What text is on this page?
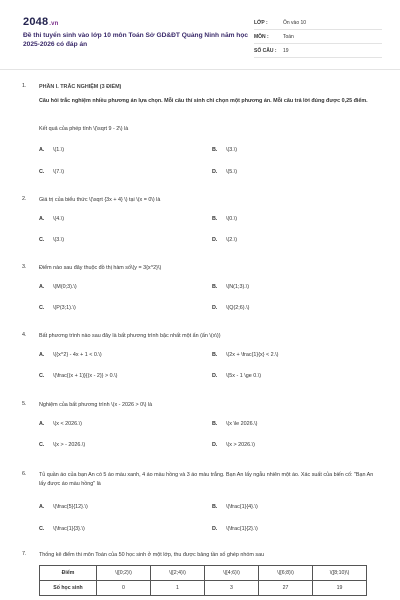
2048.vn
Đề thi tuyển sinh vào lớp 10 môn Toán Sở GD&ĐT Quảng Ninh năm học 2025-2026 có đáp án
LỚP :	Ôn vào 10
MÔN :	Toán
SỐ CÂU :	19
1. PHẦN I. TRẮC NGHIỆM (3 ĐIỂM)
Câu hỏi trắc nghiệm nhiều phương án lựa chọn. Mỗi câu thí sinh chỉ chọn một phương án. Mỗi câu trả lời đúng được 0,25 điểm.
Kết quả của phép tính \(\sqrt 9 - 2\) là
A. \(1.\)	B. \(3.\)
C. \(7.\)	D. \(5.\)
2. Giá trị của biểu thức \(\sqrt {3x + 4} \) tại \(x = 0\) là
A. \(4.\)	B. \(0.\)
C. \(3.\)	D. \(2.\)
3. Điểm nào sau đây thuộc đồ thị hàm số\(y = 3{x^2}\)
A. \(M(0;3).\)	B. \(N(1;3).\)
C. \(P(3;1).\)	D. \(Q(2;6).\)
4. Bất phương trình nào sau đây là bất phương trình bậc nhất một ẩn (ẩn \(x\))
A. \({x^2} - 4x + 1 < 0.\)	B. \(2x + \frac{1}{x} < 2.\)
C. \(\frac{(x + 1)}{(x - 2)} > 0.\)	D. \(5x - 1 \ge 0.\)
5. Nghiệm của bất phương trình \(x - 2026 > 0\) là
A. \(x < 2026.\)	B. \(x \le 2026.\)
C. \(x > - 2026.\)	D. \(x > 2026.\)
6. Tủ quần áo của bạn An có 5 áo màu xanh, 4 áo màu hồng và 3 áo màu trắng. Bạn An lấy ngẫu nhiên một áo. Xác suất của biến cố: "Bạn An lấy được áo màu hồng" là
A. \(\frac{5}{12}.\)	B. \(\frac{1}{4}.\)
C. \(\frac{1}{3}.\)	D. \(\frac{1}{2}.\)
7. Thống kê điểm thi môn Toán của 50 học sinh ở một lớp, thu được bảng tần số ghép nhóm sau
Điểm	\([0;2)\)	\([2;4)\)	\([4;6)\)	\([6;8)\)	\([8;10)\)
Số học sinh	0	1	3	27	19
